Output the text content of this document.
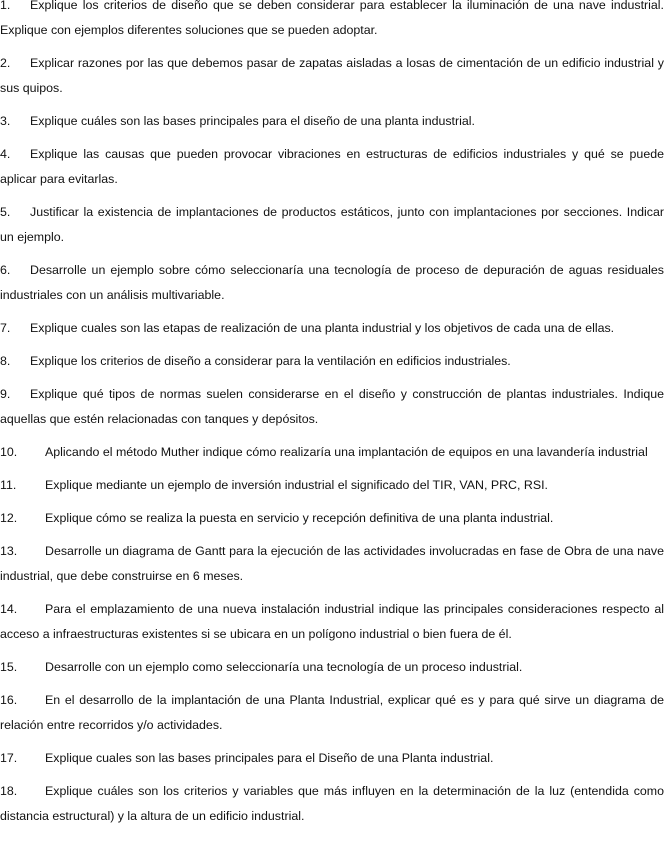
1. Explique los criterios de diseño que se deben considerar para establecer la iluminación de una nave industrial. Explique con ejemplos diferentes soluciones que se pueden adoptar.
2. Explicar razones por las que debemos pasar de zapatas aisladas a losas de cimentación de un edificio industrial y sus quipos.
3. Explique cuáles son las bases principales para el diseño de una planta industrial.
4. Explique las causas que pueden provocar vibraciones en estructuras de edificios industriales y qué se puede aplicar para evitarlas.
5. Justificar la existencia de implantaciones de productos estáticos, junto con implantaciones por secciones. Indicar un ejemplo.
6. Desarrolle un ejemplo sobre cómo seleccionaría una tecnología de proceso de depuración de aguas residuales industriales con un análisis multivariable.
7. Explique cuales son las etapas de realización de una planta industrial y los objetivos de cada una de ellas.
8. Explique los criterios de diseño a considerar para la ventilación en edificios industriales.
9. Explique qué tipos de normas suelen considerarse en el diseño y construcción de plantas industriales. Indique aquellas que estén relacionadas con tanques y depósitos.
10. Aplicando el método Muther indique cómo realizaría una implantación de equipos en una lavandería industrial
11. Explique mediante un ejemplo de inversión industrial el significado del TIR, VAN, PRC, RSI.
12. Explique cómo se realiza la puesta en servicio y recepción definitiva de una planta industrial.
13. Desarrolle un diagrama de Gantt para la ejecución de las actividades involucradas en fase de Obra de una nave industrial, que debe construirse en 6 meses.
14. Para el emplazamiento de una nueva instalación industrial indique las principales consideraciones respecto al acceso a infraestructuras existentes si se ubicara en un polígono industrial o bien fuera de él.
15. Desarrolle con un ejemplo como seleccionaría una tecnología de un proceso industrial.
16. En el desarrollo de la implantación de una Planta Industrial, explicar qué es y para qué sirve un diagrama de relación entre recorridos y/o actividades.
17. Explique cuales son las bases principales para el Diseño de una Planta industrial.
18. Explique cuáles son los criterios y variables que más influyen en la determinación de la luz (entendida como distancia estructural) y la altura de un edificio industrial.
